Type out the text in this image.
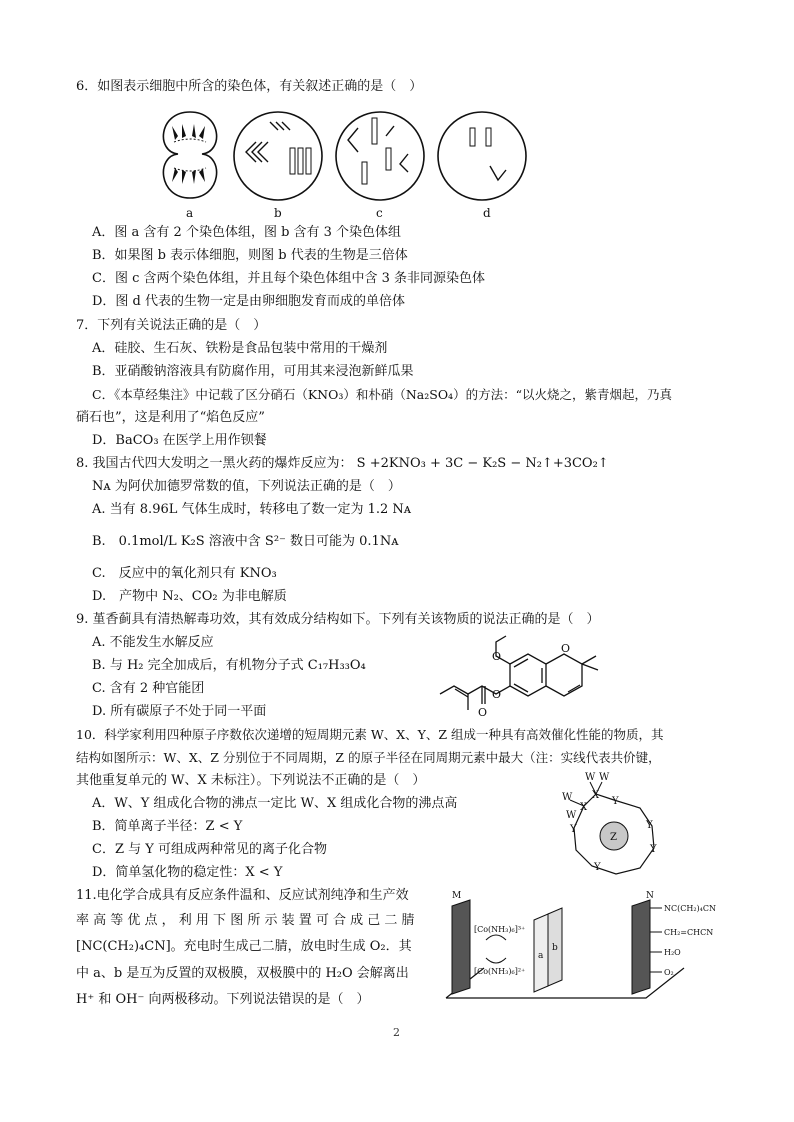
6．如图表示细胞中所含的染色体，有关叙述正确的是（　）
a	b	c	d
A．图 a 含有 2 个染色体组，图 b 含有 3 个染色体组
B．如果图 b 表示体细胞，则图 b 代表的生物是三倍体
C．图 c 含两个染色体组，并且每个染色体组中含 3 条非同源染色体
D．图 d 代表的生物一定是由卵细胞发育而成的单倍体
7．下列有关说法正确的是（　）
A．硅胶、生石灰、铁粉是食品包装中常用的干燥剂
B．亚硝酸钠溶液具有防腐作用，可用其来浸泡新鲜瓜果
C．《本草经集注》中记载了区分硝石（KNO₃）和朴硝（Na₂SO₄）的方法：“以火烧之，紫青烟起，乃真
硝石也”，这是利用了“焰色反应”
D．BaCO₃ 在医学上用作钡餐
8. 我国古代四大发明之一黑火药的爆炸反应为： S +2KNO₃ + 3C − K₂S − N₂↑+3CO₂↑
Nᴀ 为阿伏加德罗常数的值，下列说法正确的是（　）
A. 当有 8.96L 气体生成时，转移电了数一定为 1.2 Nᴀ
B.　0.1mol/L K₂S 溶液中含 S²⁻ 数日可能为 0.1Nᴀ
C.　反应中的氧化剂只有 KNO₃
D.　产物中 N₂、CO₂ 为非电解质
9. 堇香蓟具有清热解毒功效，其有效成分结构如下。下列有关该物质的说法正确的是（　）
A. 不能发生水解反应
B. 与 H₂ 完全加成后，有机物分子式 C₁₇H₃₃O₄
C. 含有 2 种官能团
D. 所有碳原子不处于同一平面
O
O
O
O
10．科学家利用四种原子序数依次递增的短周期元素 W、X、Y、Z 组成一种具有高效催化性能的物质，其
结构如图所示：W、X、Z 分别位于不同周期，Z 的原子半径在同周期元素中最大（注：实线代表共价键，
其他重复单元的 W、X 未标注）。下列说法不正确的是（　）
A．W、Y 组成化合物的沸点一定比 W、X 组成化合物的沸点高
B．简单离子半径：Z < Y
C．Z 与 Y 可组成两种常见的离子化合物
D．简单氢化物的稳定性：X < Y
W W
X
W
X
W
Y
Y
Y
Y
Y
Z
11.电化学合成具有反应条件温和、反应试剂纯净和生产效
率 高 等 优 点 ， 利 用 下 图 所 示 装 置 可 合 成 己 二 腈
[NC(CH₂)₄CN]。充电时生成己二腈，放电时生成 O₂．其
中 a、b 是互为反置的双极膜，双极膜中的 H₂O 会解离出
H⁺ 和 OH⁻ 向两极移动。下列说法错误的是（　）
M	N
a
b
[Co(NH₃)₆]³⁺
[Co(NH₃)₆]²⁺
NC(CH₂)₄CN
CH₂=CHCN
H₂O
O₂
2
